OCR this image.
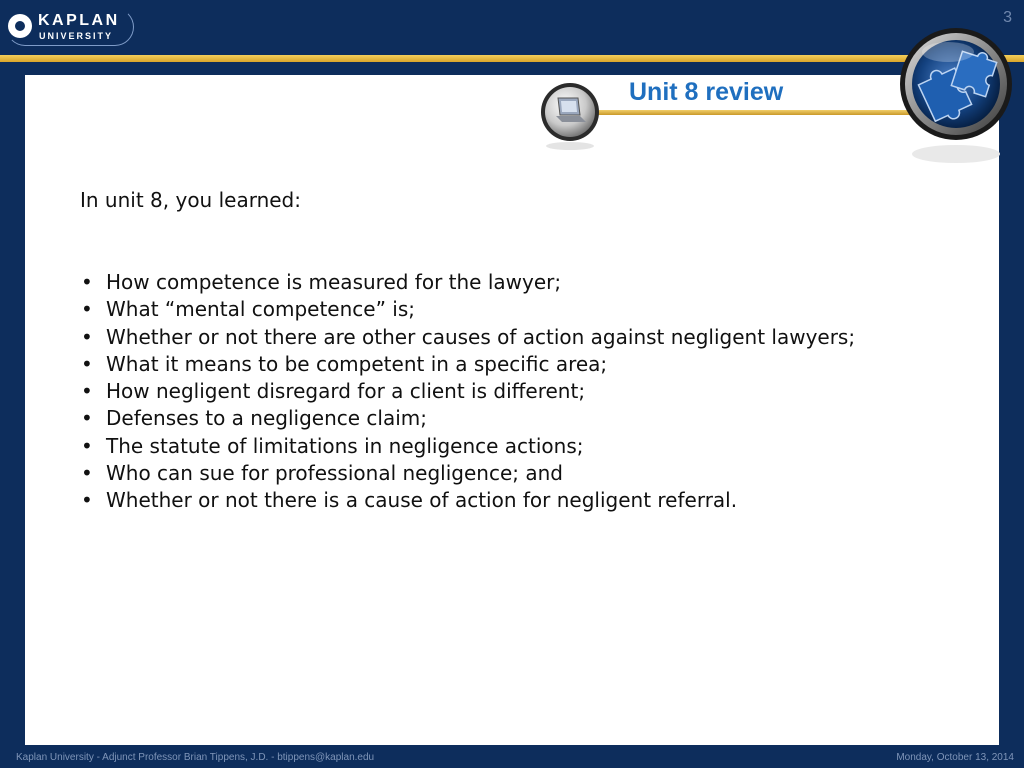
KAPLAN
UNIVERSITY
3
Unit 8 review
In unit 8, you learned:
• How competence is measured for the lawyer;
• What “mental competence” is;
• Whether or not there are other causes of action against negligent lawyers;
• What it means to be competent in a specific area;
• How negligent disregard for a client is different;
• Defenses to a negligence claim;
• The statute of limitations in negligence actions;
• Who can sue for professional negligence; and
• Whether or not there is a cause of action for negligent referral.
Kaplan University - Adjunct Professor Brian Tippens, J.D. - btippens@kaplan.edu	Monday, October 13, 2014
